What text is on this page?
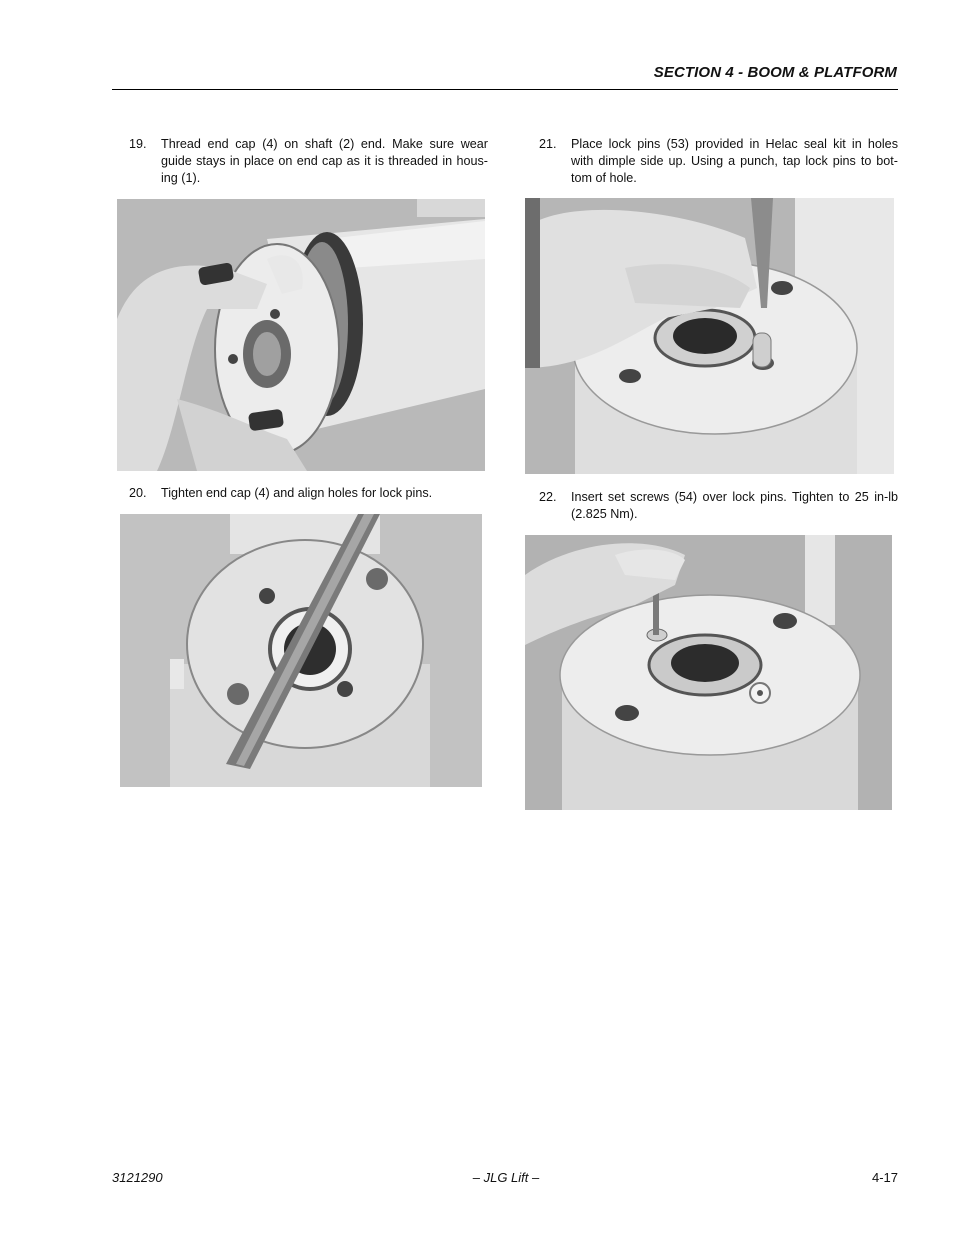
SECTION 4 - BOOM & PLATFORM
19. Thread end cap (4) on shaft (2) end. Make sure wear
guide stays in place on end cap as it is threaded in hous-
ing (1).
20. Tighten end cap (4) and align holes for lock pins.
21. Place lock pins (53) provided in Helac seal kit in holes
with dimple side up. Using a punch, tap lock pins to bot-
tom of hole.
22. Insert set screws (54) over lock pins. Tighten to 25 in-lb
(2.825 Nm).
3121290	– JLG Lift –	4-17
